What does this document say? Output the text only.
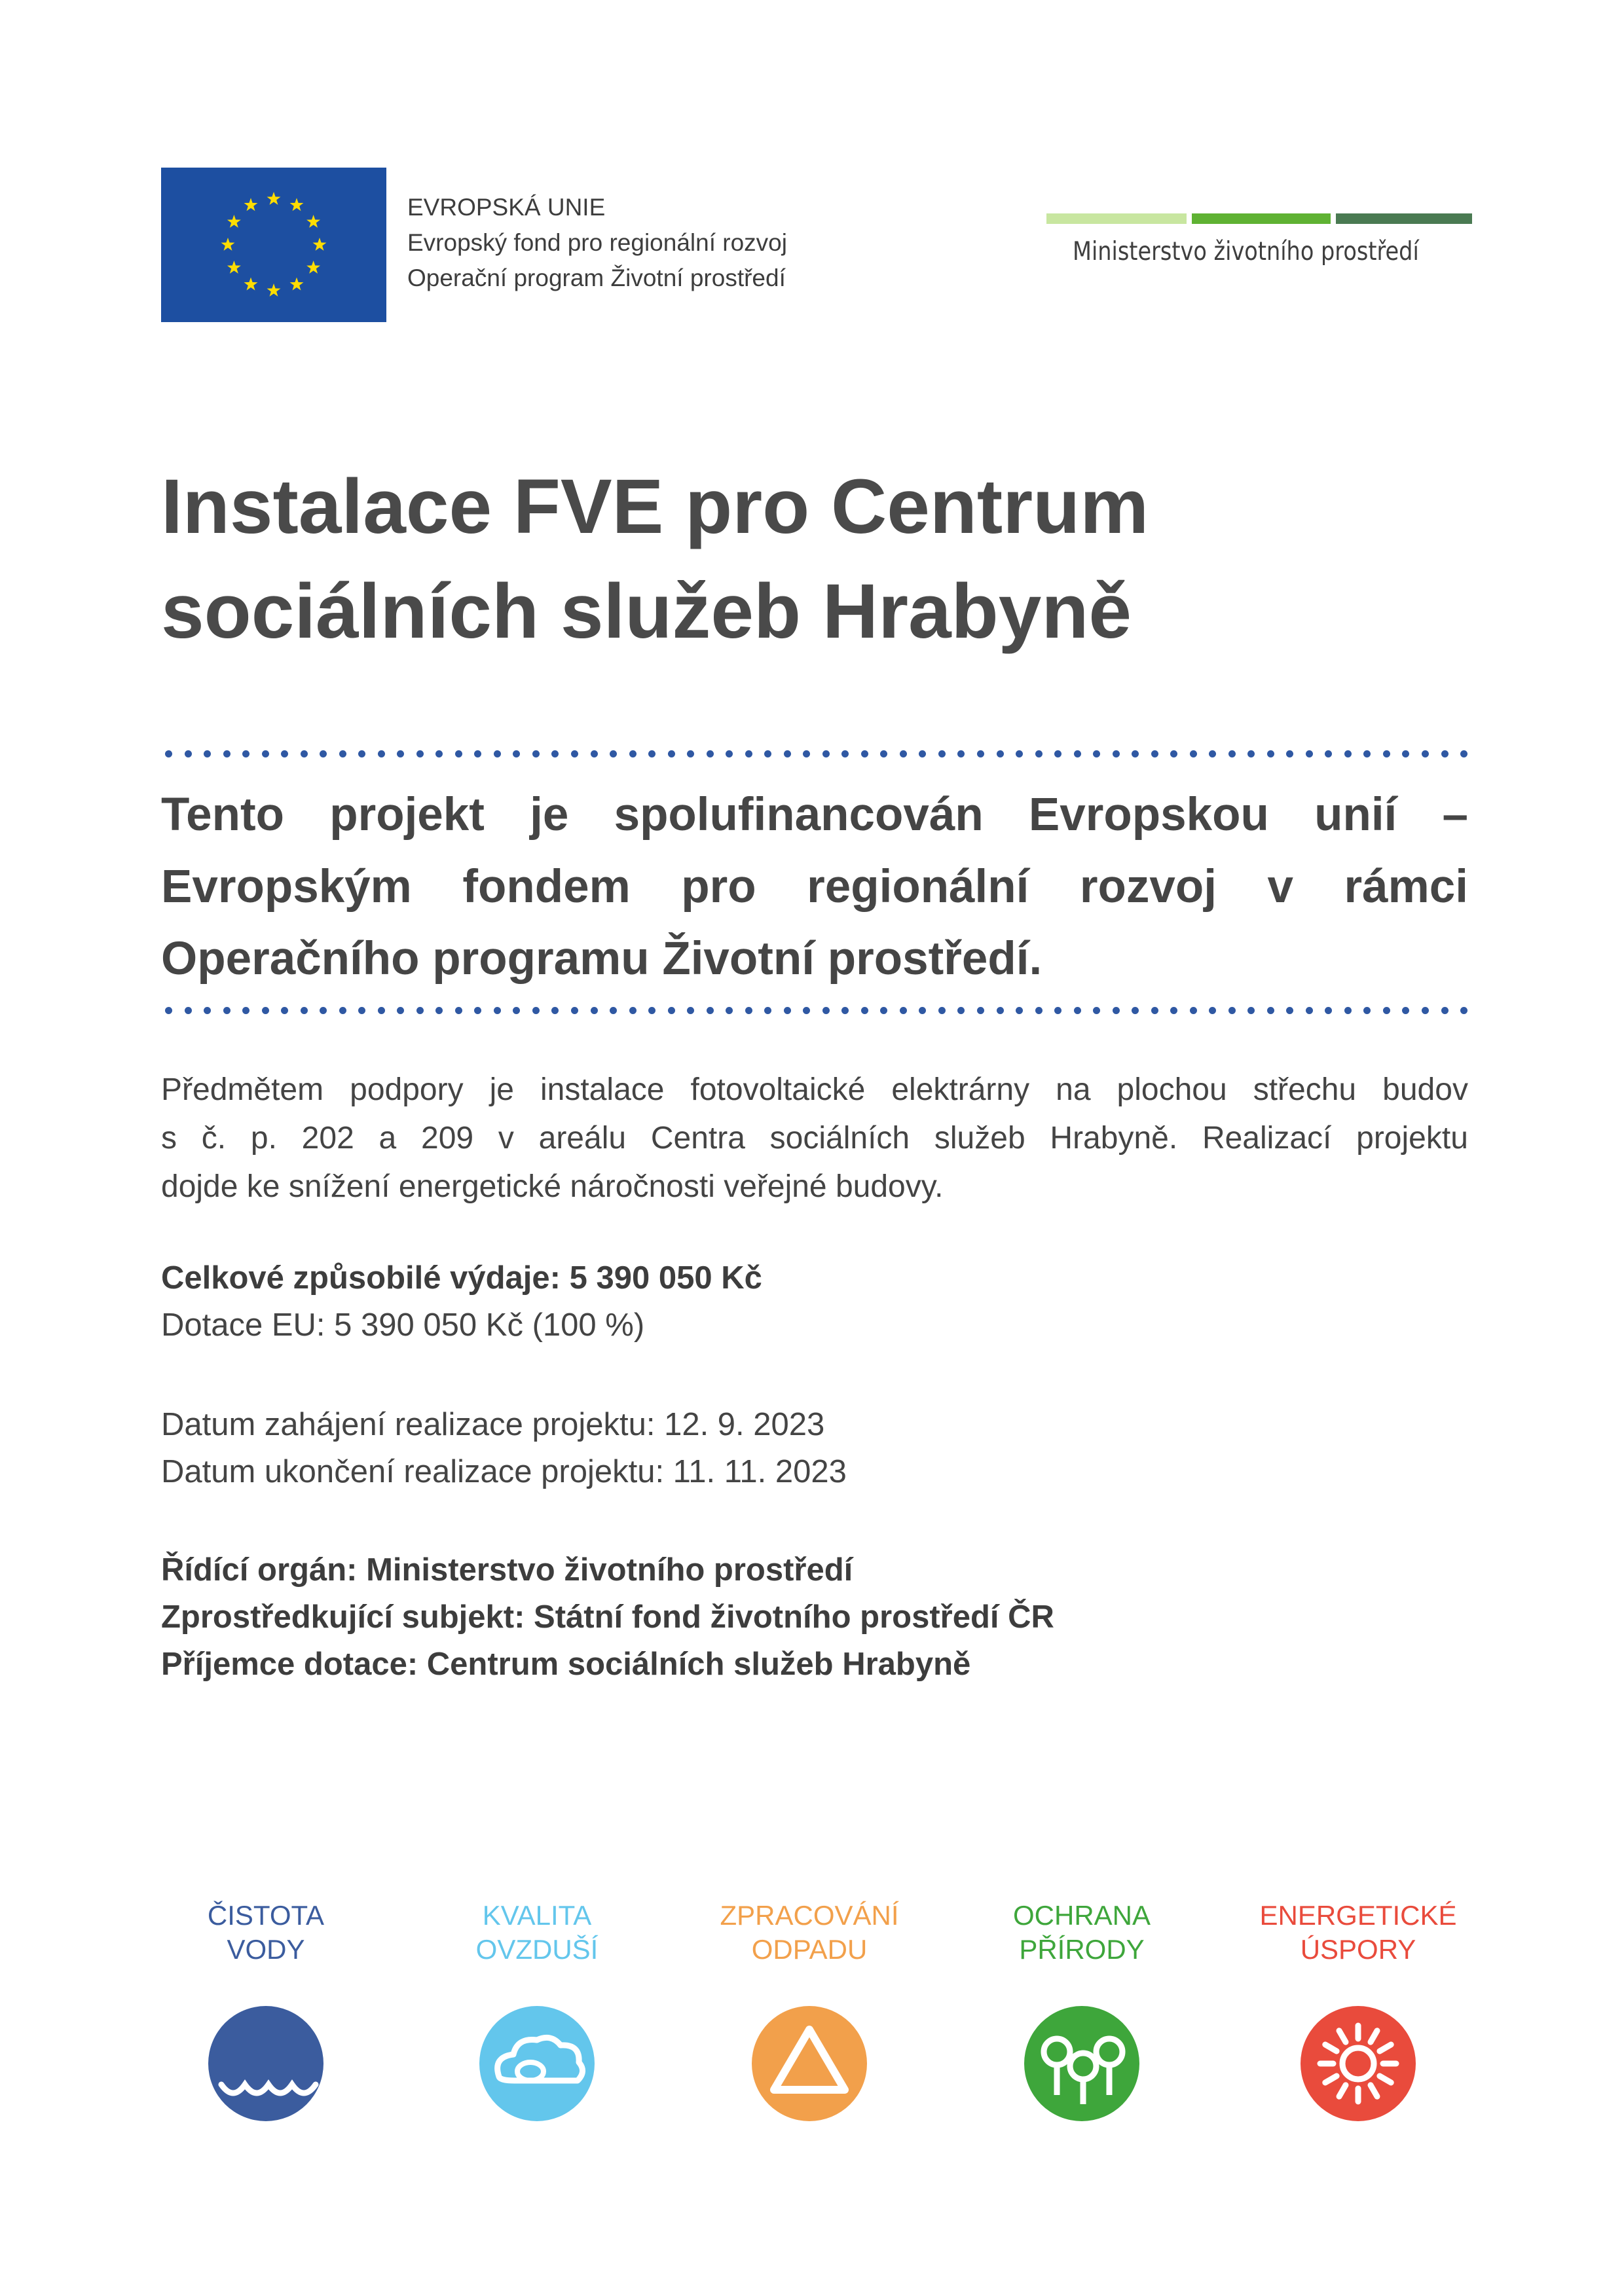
EVROPSKÁ UNIE
Evropský fond pro regionální rozvoj
Operační program Životní prostředí
Ministerstvo životního prostředí
Instalace FVE pro Centrum
sociálních služeb Hrabyně
Tento projekt je spolufinancován Evropskou unií –
Evropským fondem pro regionální rozvoj v rámci
Operačního programu Životní prostředí.
Předmětem podpory je instalace fotovoltaické elektrárny na plochou střechu budov
s č. p. 202 a 209 v areálu Centra sociálních služeb Hrabyně. Realizací projektu
dojde ke snížení energetické náročnosti veřejné budovy.
Celkové způsobilé výdaje: 5 390 050 Kč
Dotace EU: 5 390 050 Kč (100 %)
Datum zahájení realizace projektu: 12. 9. 2023
Datum ukončení realizace projektu: 11. 11. 2023
Řídící orgán: Ministerstvo životního prostředí
Zprostředkující subjekt: Státní fond životního prostředí ČR
Příjemce dotace: Centrum sociálních služeb Hrabyně
ČISTOTA
VODY
KVALITA
OVZDUŠÍ
ZPRACOVÁNÍ
ODPADU
OCHRANA
PŘÍRODY
ENERGETICKÉ
ÚSPORY
